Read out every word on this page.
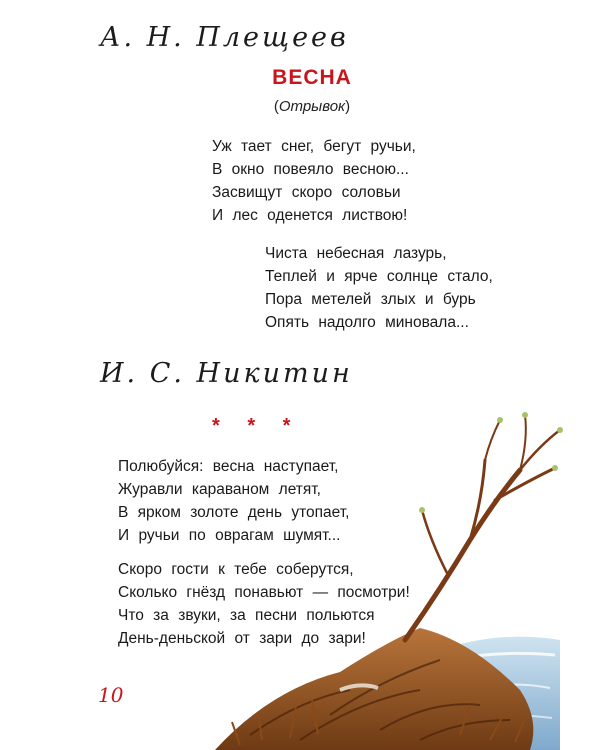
А. Н. Плещеев
ВЕСНА
(Отрывок)
Уж тает снег, бегут ручьи,
В окно повеяло весною...
Засвищут скоро соловьи
И лес оденется листвою!
Чиста небесная лазурь,
Теплей и ярче солнце стало,
Пора метелей злых и бурь
Опять надолго миновала...
И. С. Никитин
* * *
Полюбуйся: весна наступает,
Журавли караваном летят,
В ярком золоте день утопает,
И ручьи по оврагам шумят...
Скоро гости к тебе соберутся,
Сколько гнёзд понавьют — посмотри!
Что за звуки, за песни польются
День-деньской от зари до зари!
10
